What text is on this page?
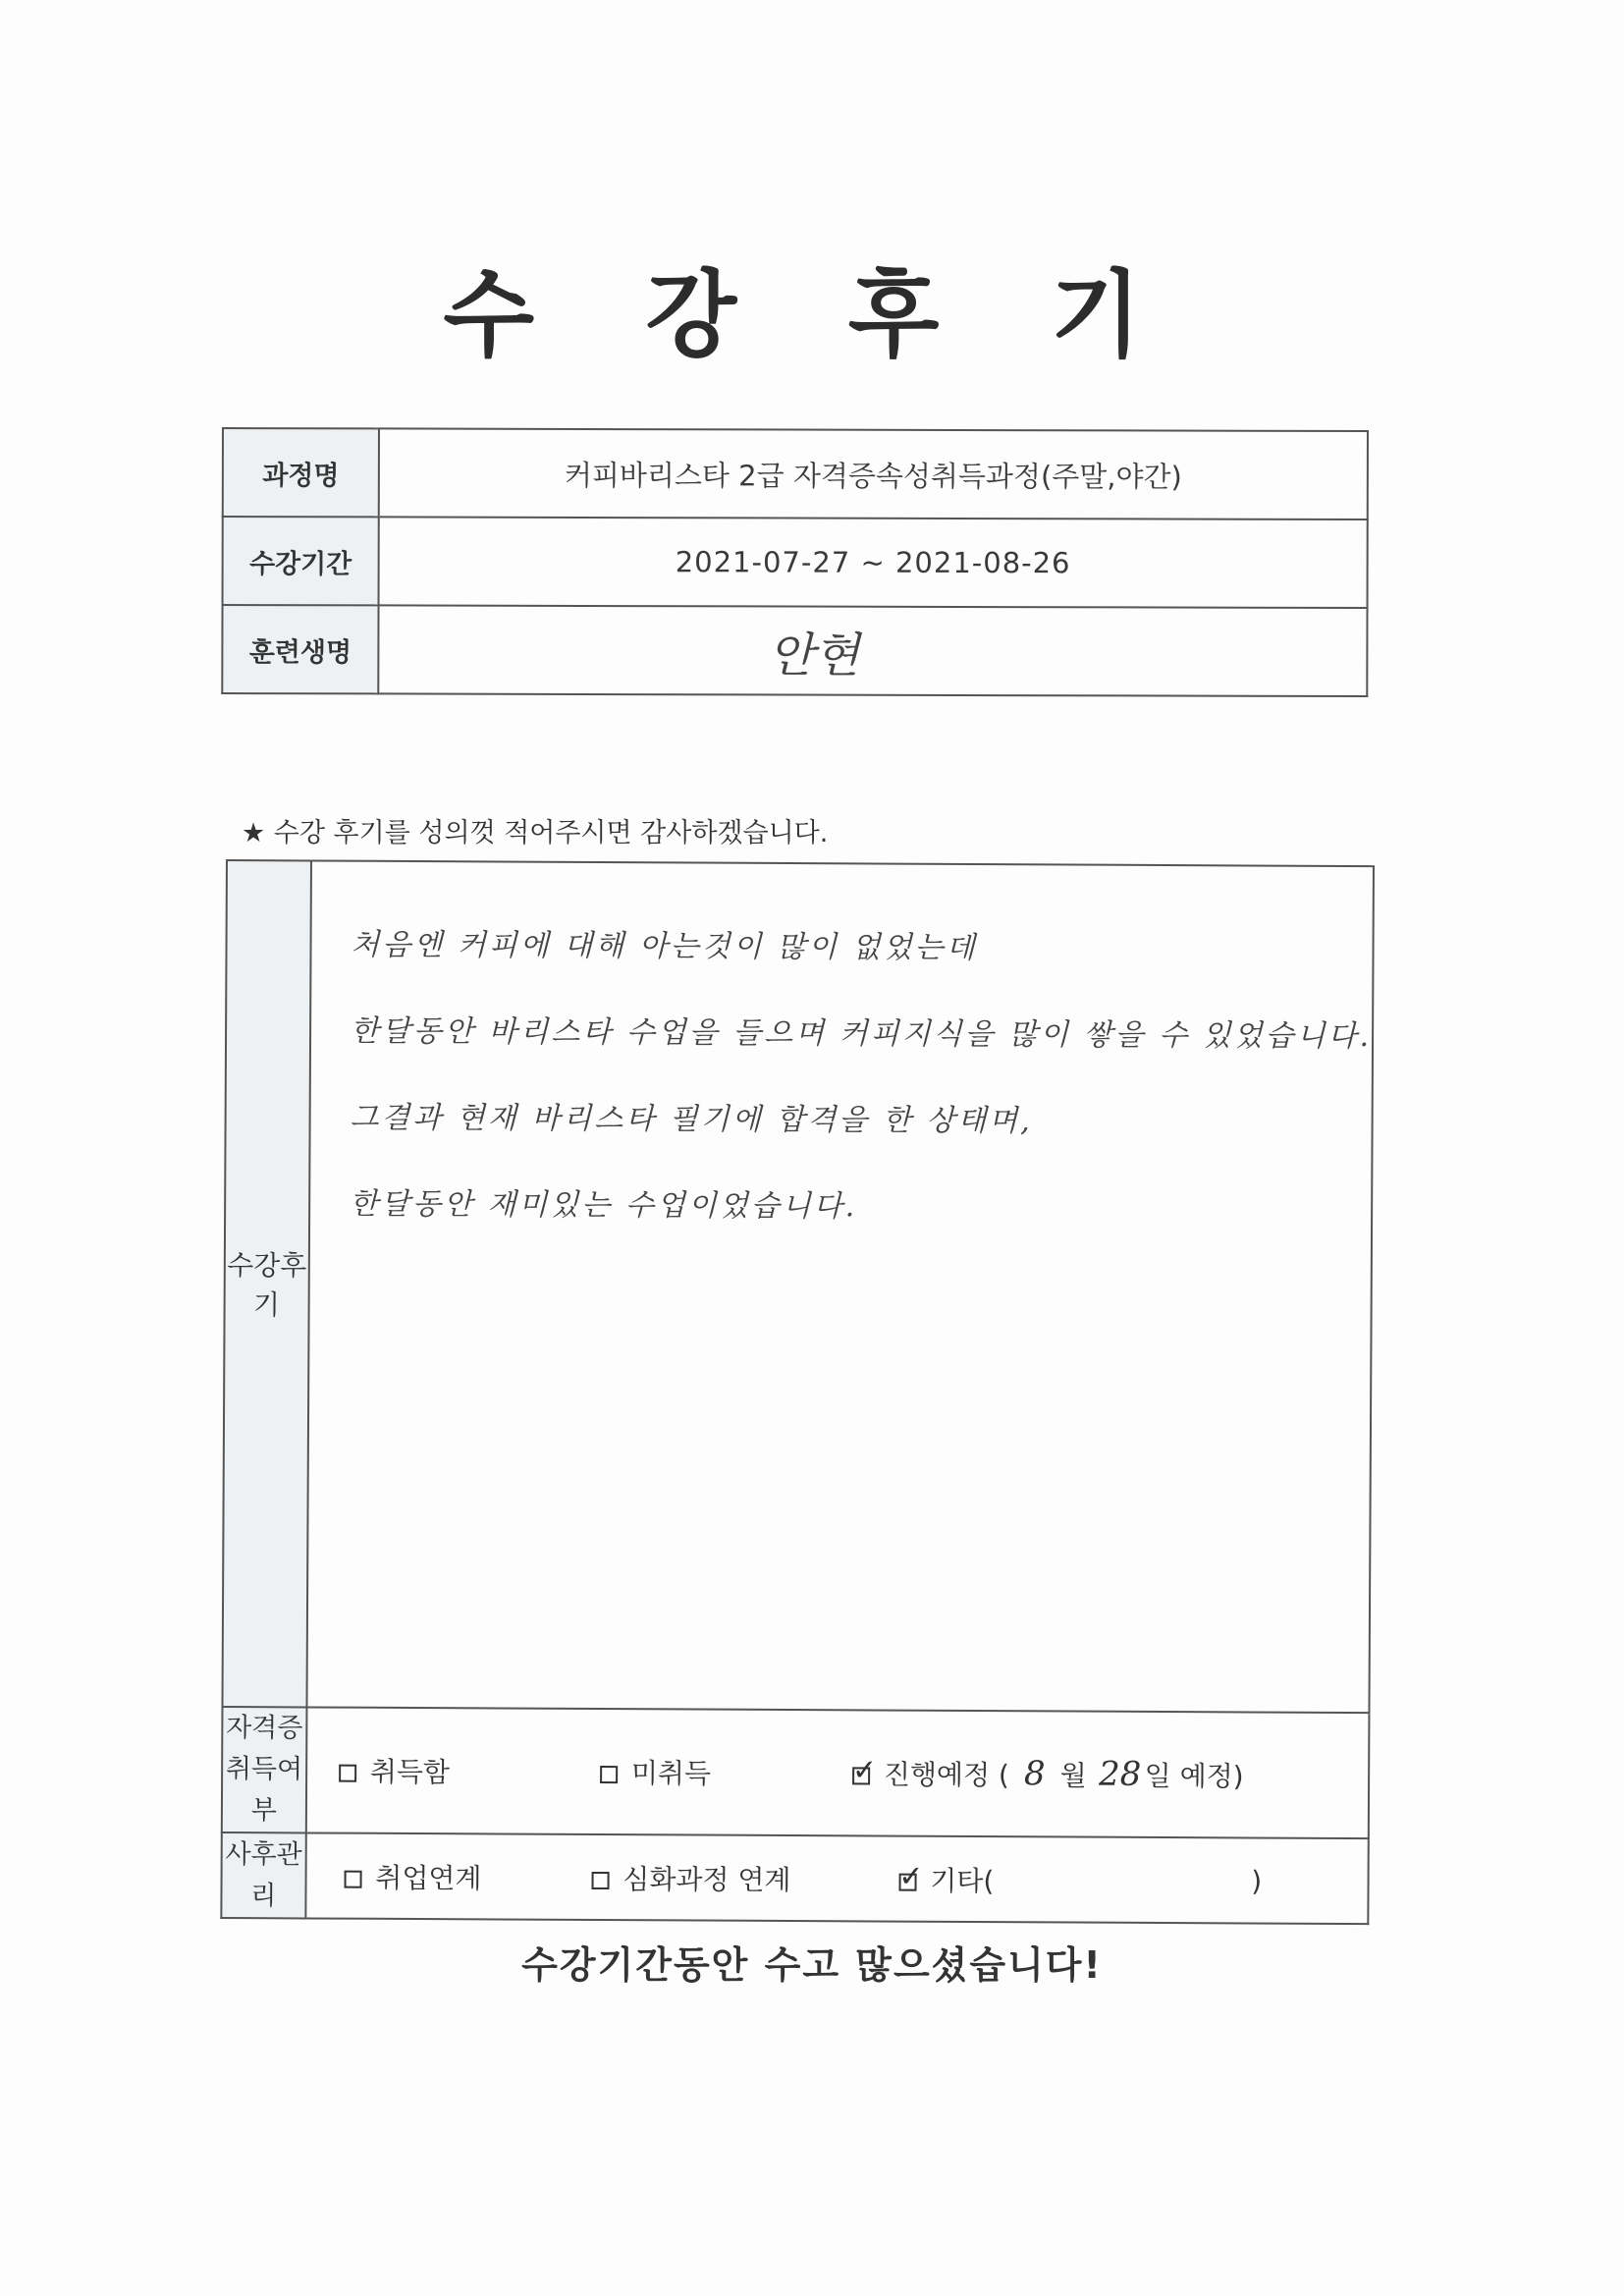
수 강 후 기
과정명	커피바리스타 2급 자격증속성취득과정(주말,야간)
수강기간	2021-07-27 ~ 2021-08-26
훈련생명	안현
★ 수강 후기를 성의껏 적어주시면 감사하겠습니다.
수강후기	처음엔 커피에 대해 아는것이 많이 없었는데
한달동안 바리스타 수업을 들으며 커피지식을 많이 쌓을 수 있었습니다.
그결과 현재 바리스타 필기에 합격을 한 상태며,
한달동안 재미있는 수업이었습니다.

자격증
취득여부	취득함 미취득 ✓ 진행예정 ( 8 월 28 일 예정)

사후관리	취업연계 심화과정 연계 ✓ 기타( )
수강기간동안 수고 많으셨습니다!
